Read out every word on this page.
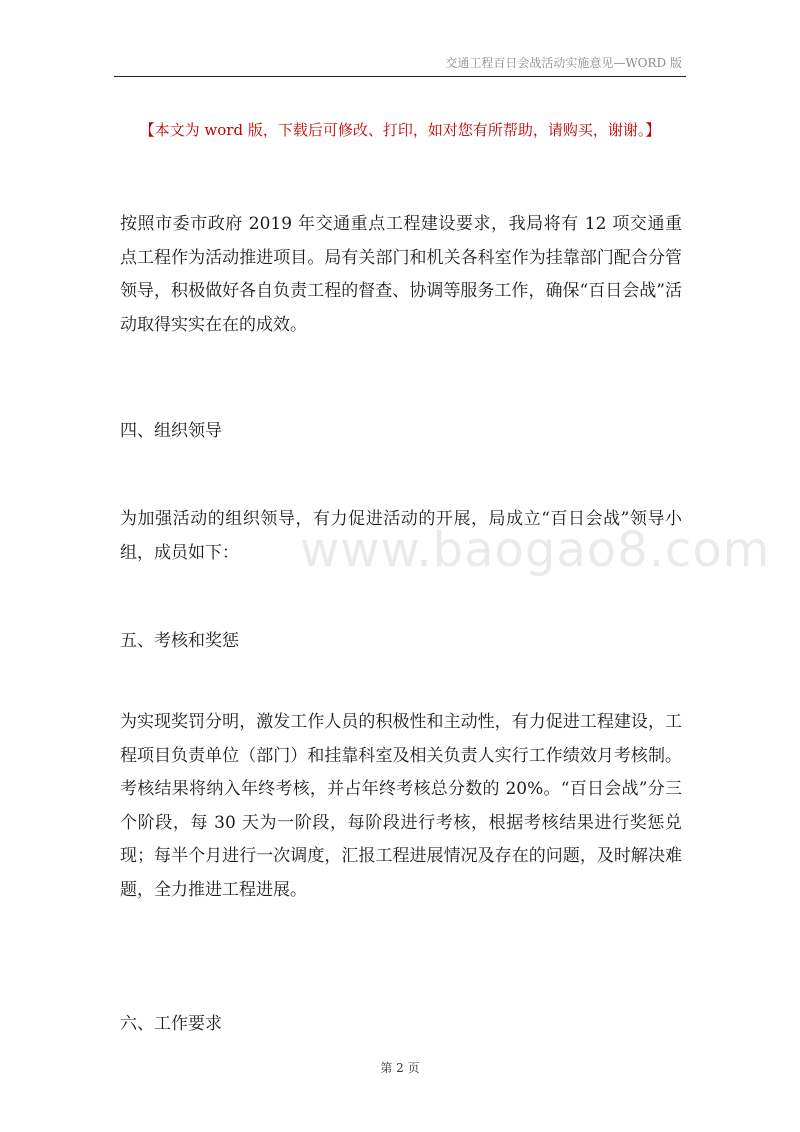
交通工程百日会战活动实施意见—WORD 版
【本文为 word 版，下载后可修改、打印，如对您有所帮助，请购买，谢谢。】

按照市委市政府 2019 年交通重点工程建设要求，我局将有 12 项交通重点工程作为活动推进项目。局有关部门和机关各科室作为挂靠部门配合分管领导，积极做好各自负责工程的督查、协调等服务工作，确保“百日会战”活动取得实实在在的成效。

四、组织领导

为加强活动的组织领导，有力促进活动的开展，局成立“百日会战”领导小组，成员如下：

五、考核和奖惩

为实现奖罚分明，激发工作人员的积极性和主动性，有力促进工程建设，工程项目负责单位（部门）和挂靠科室及相关负责人实行工作绩效月考核制。考核结果将纳入年终考核，并占年终考核总分数的 20%。“百日会战”分三个阶段，每 30 天为一阶段，每阶段进行考核，根据考核结果进行奖惩兑现；每半个月进行一次调度，汇报工程进展情况及存在的问题，及时解决难题，全力推进工程进展。

六、工作要求
www.baogao8.com
第 2 页
